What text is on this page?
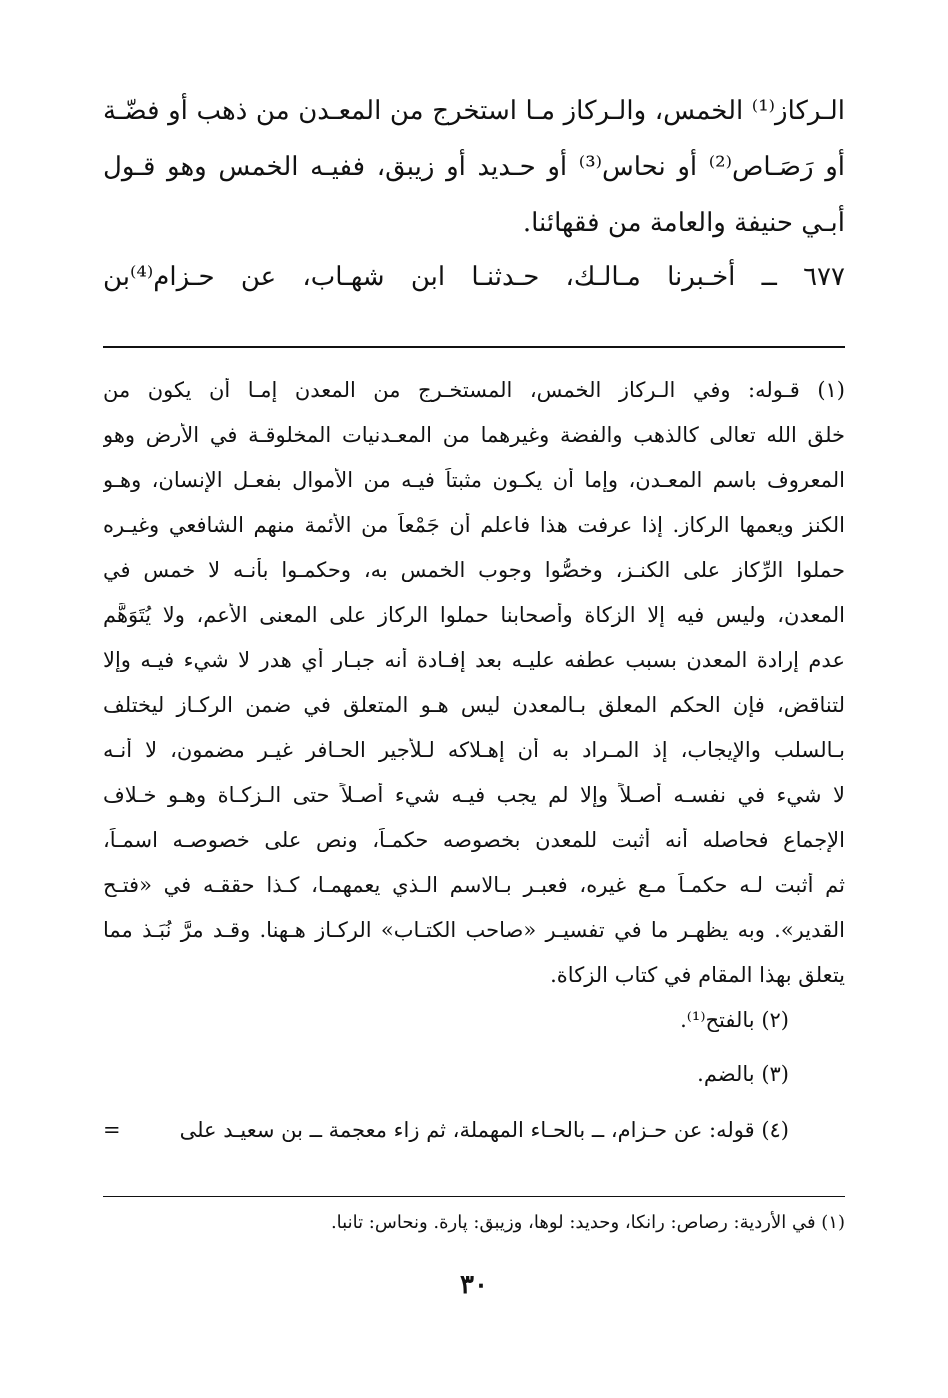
الـركاز⁽¹⁾ الخمس، والـركاز مـا استخرج من المعـدن من ذهب أو فضّـة
أو رَصَـاص⁽²⁾ أو نحاس⁽³⁾ أو حـديد أو زيبق، ففيـه الخمس وهو قـول
أبـي حنيفة والعامة من فقهائنا.
٦٧٧ ــ أخـبرنا مـالـك، حـدثنـا ابن شهـاب، عن حـزام⁽⁴⁾بن
(١) قـوله: وفي الـركاز الخمس، المستخـرج من المعدن إمـا أن يكون من
خلق الله تعالى كالذهب والفضة وغيرهما من المعـدنيات المخلوقـة في الأرض وهو
المعروف باسم المعـدن، وإما أن يكـون مثبتاً فيـه من الأموال بفعـل الإنسان، وهـو
الكنز ويعمها الركاز. إذا عرفت هذا فاعلم أن جَمْعاً من الأئمة منهم الشافعي وغيـره
حملوا الرِّكاز على الكنـز، وخصُّوا وجوب الخمس به، وحكمـوا بأنـه لا خمس في
المعدن، وليس فيه إلا الزكاة وأصحابنا حملوا الركاز على المعنى الأعم، ولا يُتَوَهَّم
عدم إرادة المعدن بسبب عطفه عليـه بعد إفـادة أنه جبـار أي هدر لا شيء فيـه وإلا
لتناقض، فإن الحكم المعلق بـالمعدن ليس هـو المتعلق في ضمن الركـاز ليختلف
بـالسلب والإيجاب، إذ المـراد به أن إهـلاكه لـلأجير الحـافر غيـر مضمون، لا أنـه
لا شيء في نفسـه أصـلاً وإلا لم يجب فيـه شيء أصـلاً حتى الـزكـاة وهـو خـلاف
الإجماع فحاصله أنه أثبت للمعدن بخصوصه حكمـاً، ونص على خصوصـه اسمـاً،
ثم أثبت لـه حكمـاً مـع غيره، فعبـر بـالاسم الـذي يعمهمـا، كـذا حققـه في «فتـح
القدير». وبه يظهـر ما في تفسيـر «صاحب الكتـاب» الركـاز هـهنا. وقـد مرَّ نُبَـذ مما
يتعلق بهذا المقام في كتاب الزكاة.
(٢) بالفتح⁽¹⁾.
(٣) بالضم.
(٤) قوله: عن حـزام، ــ بالحـاء المهملة، ثم زاء معجمة ــ بن سعيـد على
=
(١) في الأردية: رصاص: رانكا، وحديد: لوها، وزيبق: پارة. ونحاس: تانبا.
٣٠
